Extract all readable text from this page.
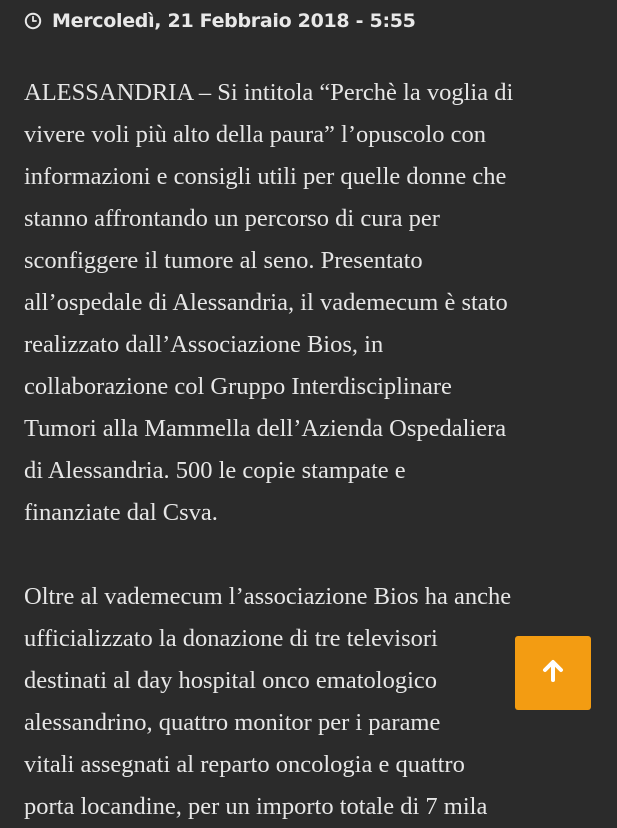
Mercoledì, 21 Febbraio 2018 - 5:55

ALESSANDRIA – Si intitola “Perchè la voglia di
vivere voli più alto della paura” l’opuscolo con
informazioni e consigli utili per quelle donne che
stanno affrontando un percorso di cura per
sconfiggere il tumore al seno. Presentato
all’ospedale di Alessandria, il vademecum è stato
realizzato dall’Associazione Bios, in
collaborazione col Gruppo Interdisciplinare
Tumori alla Mammella dell’Azienda Ospedaliera
di Alessandria. 500 le copie stampate e
finanziate dal Csva.

Oltre al vademecum l’associazione Bios ha anche
ufficializzato la donazione di tre televisori
destinati al day hospital onco ematologico
alessandrino, quattro monitor per i parame
vitali assegnati al reparto oncologia e quattro
porta locandine, per un importo totale di 7 mila
